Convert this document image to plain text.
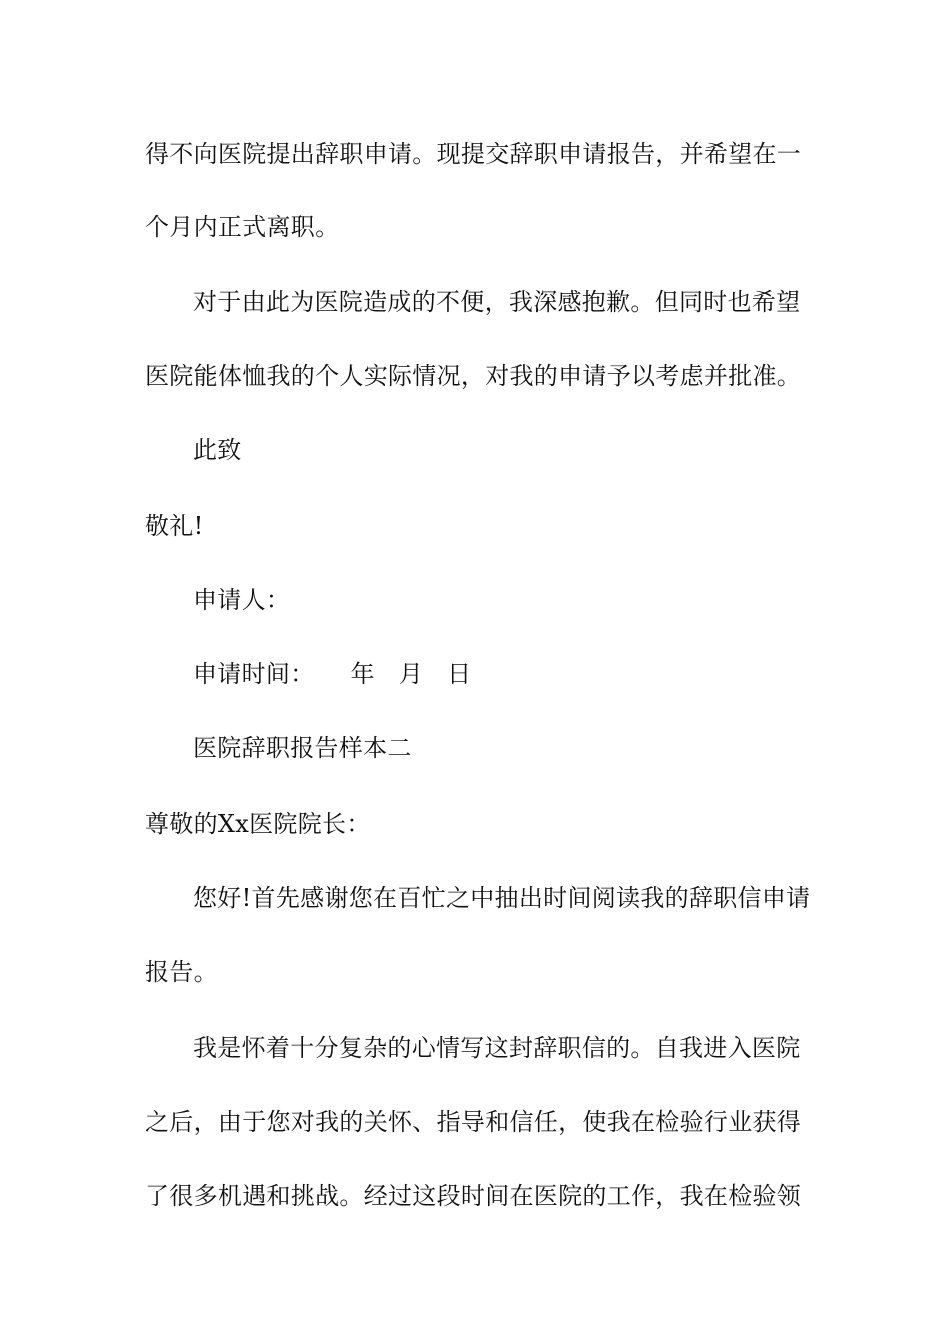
得不向医院提出辞职申请。现提交辞职申请报告，并希望在一
个月内正式离职。
对于由此为医院造成的不便，我深感抱歉。但同时也希望
医院能体恤我的个人实际情况，对我的申请予以考虑并批准。
此致
敬礼!
申请人：
申请时间： 年 月 日
医院辞职报告样本二
尊敬的Xx医院院长：
您好!首先感谢您在百忙之中抽出时间阅读我的辞职信申请
报告。
我是怀着十分复杂的心情写这封辞职信的。自我进入医院
之后，由于您对我的关怀、指导和信任，使我在检验行业获得
了很多机遇和挑战。经过这段时间在医院的工作，我在检验领
